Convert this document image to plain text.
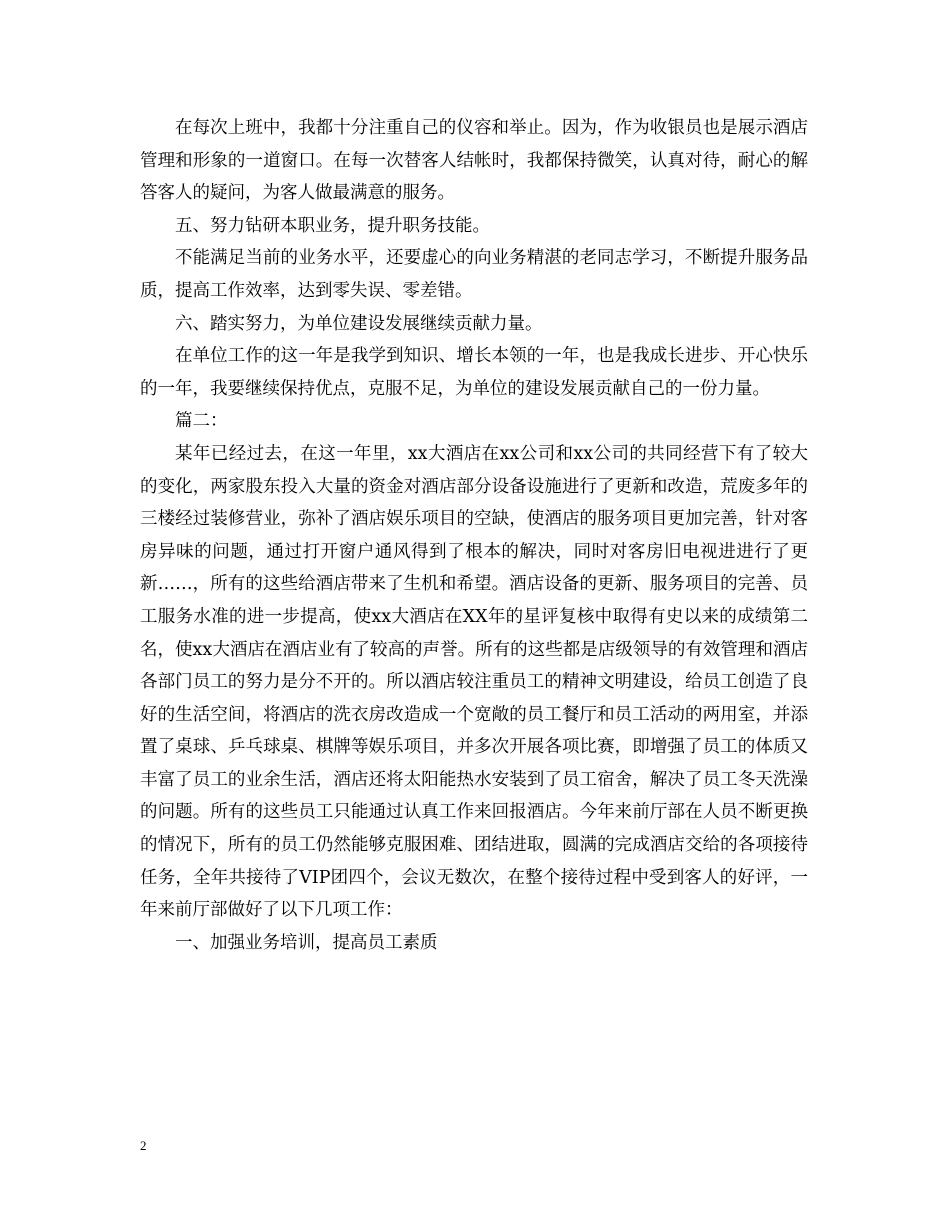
在每次上班中，我都十分注重自己的仪容和举止。因为，作为收银员也是展示酒店管理和形象的一道窗口。在每一次替客人结帐时，我都保持微笑，认真对待，耐心的解答客人的疑问，为客人做最满意的服务。

五、努力钻研本职业务，提升职务技能。

不能满足当前的业务水平，还要虚心的向业务精湛的老同志学习，不断提升服务品质，提高工作效率，达到零失误、零差错。

六、踏实努力，为单位建设发展继续贡献力量。

在单位工作的这一年是我学到知识、增长本领的一年，也是我成长进步、开心快乐的一年，我要继续保持优点，克服不足，为单位的建设发展贡献自己的一份力量。

篇二：

某年已经过去，在这一年里，xx大酒店在xx公司和xx公司的共同经营下有了较大的变化，两家股东投入大量的资金对酒店部分设备设施进行了更新和改造，荒废多年的三楼经过装修营业，弥补了酒店娱乐项目的空缺，使酒店的服务项目更加完善，针对客房异味的问题，通过打开窗户通风得到了根本的解决，同时对客房旧电视进进行了更新……，所有的这些给酒店带来了生机和希望。酒店设备的更新、服务项目的完善、员工服务水准的进一步提高，使xx大酒店在XX年的星评复核中取得有史以来的成绩第二名，使xx大酒店在酒店业有了较高的声誉。所有的这些都是店级领导的有效管理和酒店各部门员工的努力是分不开的。所以酒店较注重员工的精神文明建设，给员工创造了良好的生活空间，将酒店的洗衣房改造成一个宽敞的员工餐厅和员工活动的两用室，并添置了桌球、乒乓球桌、棋牌等娱乐项目，并多次开展各项比赛，即增强了员工的体质又丰富了员工的业余生活，酒店还将太阳能热水安装到了员工宿舍，解决了员工冬天洗澡的问题。所有的这些员工只能通过认真工作来回报酒店。今年来前厅部在人员不断更换的情况下，所有的员工仍然能够克服困难、团结进取，圆满的完成酒店交给的各项接待任务，全年共接待了VIP团四个，会议无数次，在整个接待过程中受到客人的好评，一年来前厅部做好了以下几项工作：

一、加强业务培训，提高员工素质

2
